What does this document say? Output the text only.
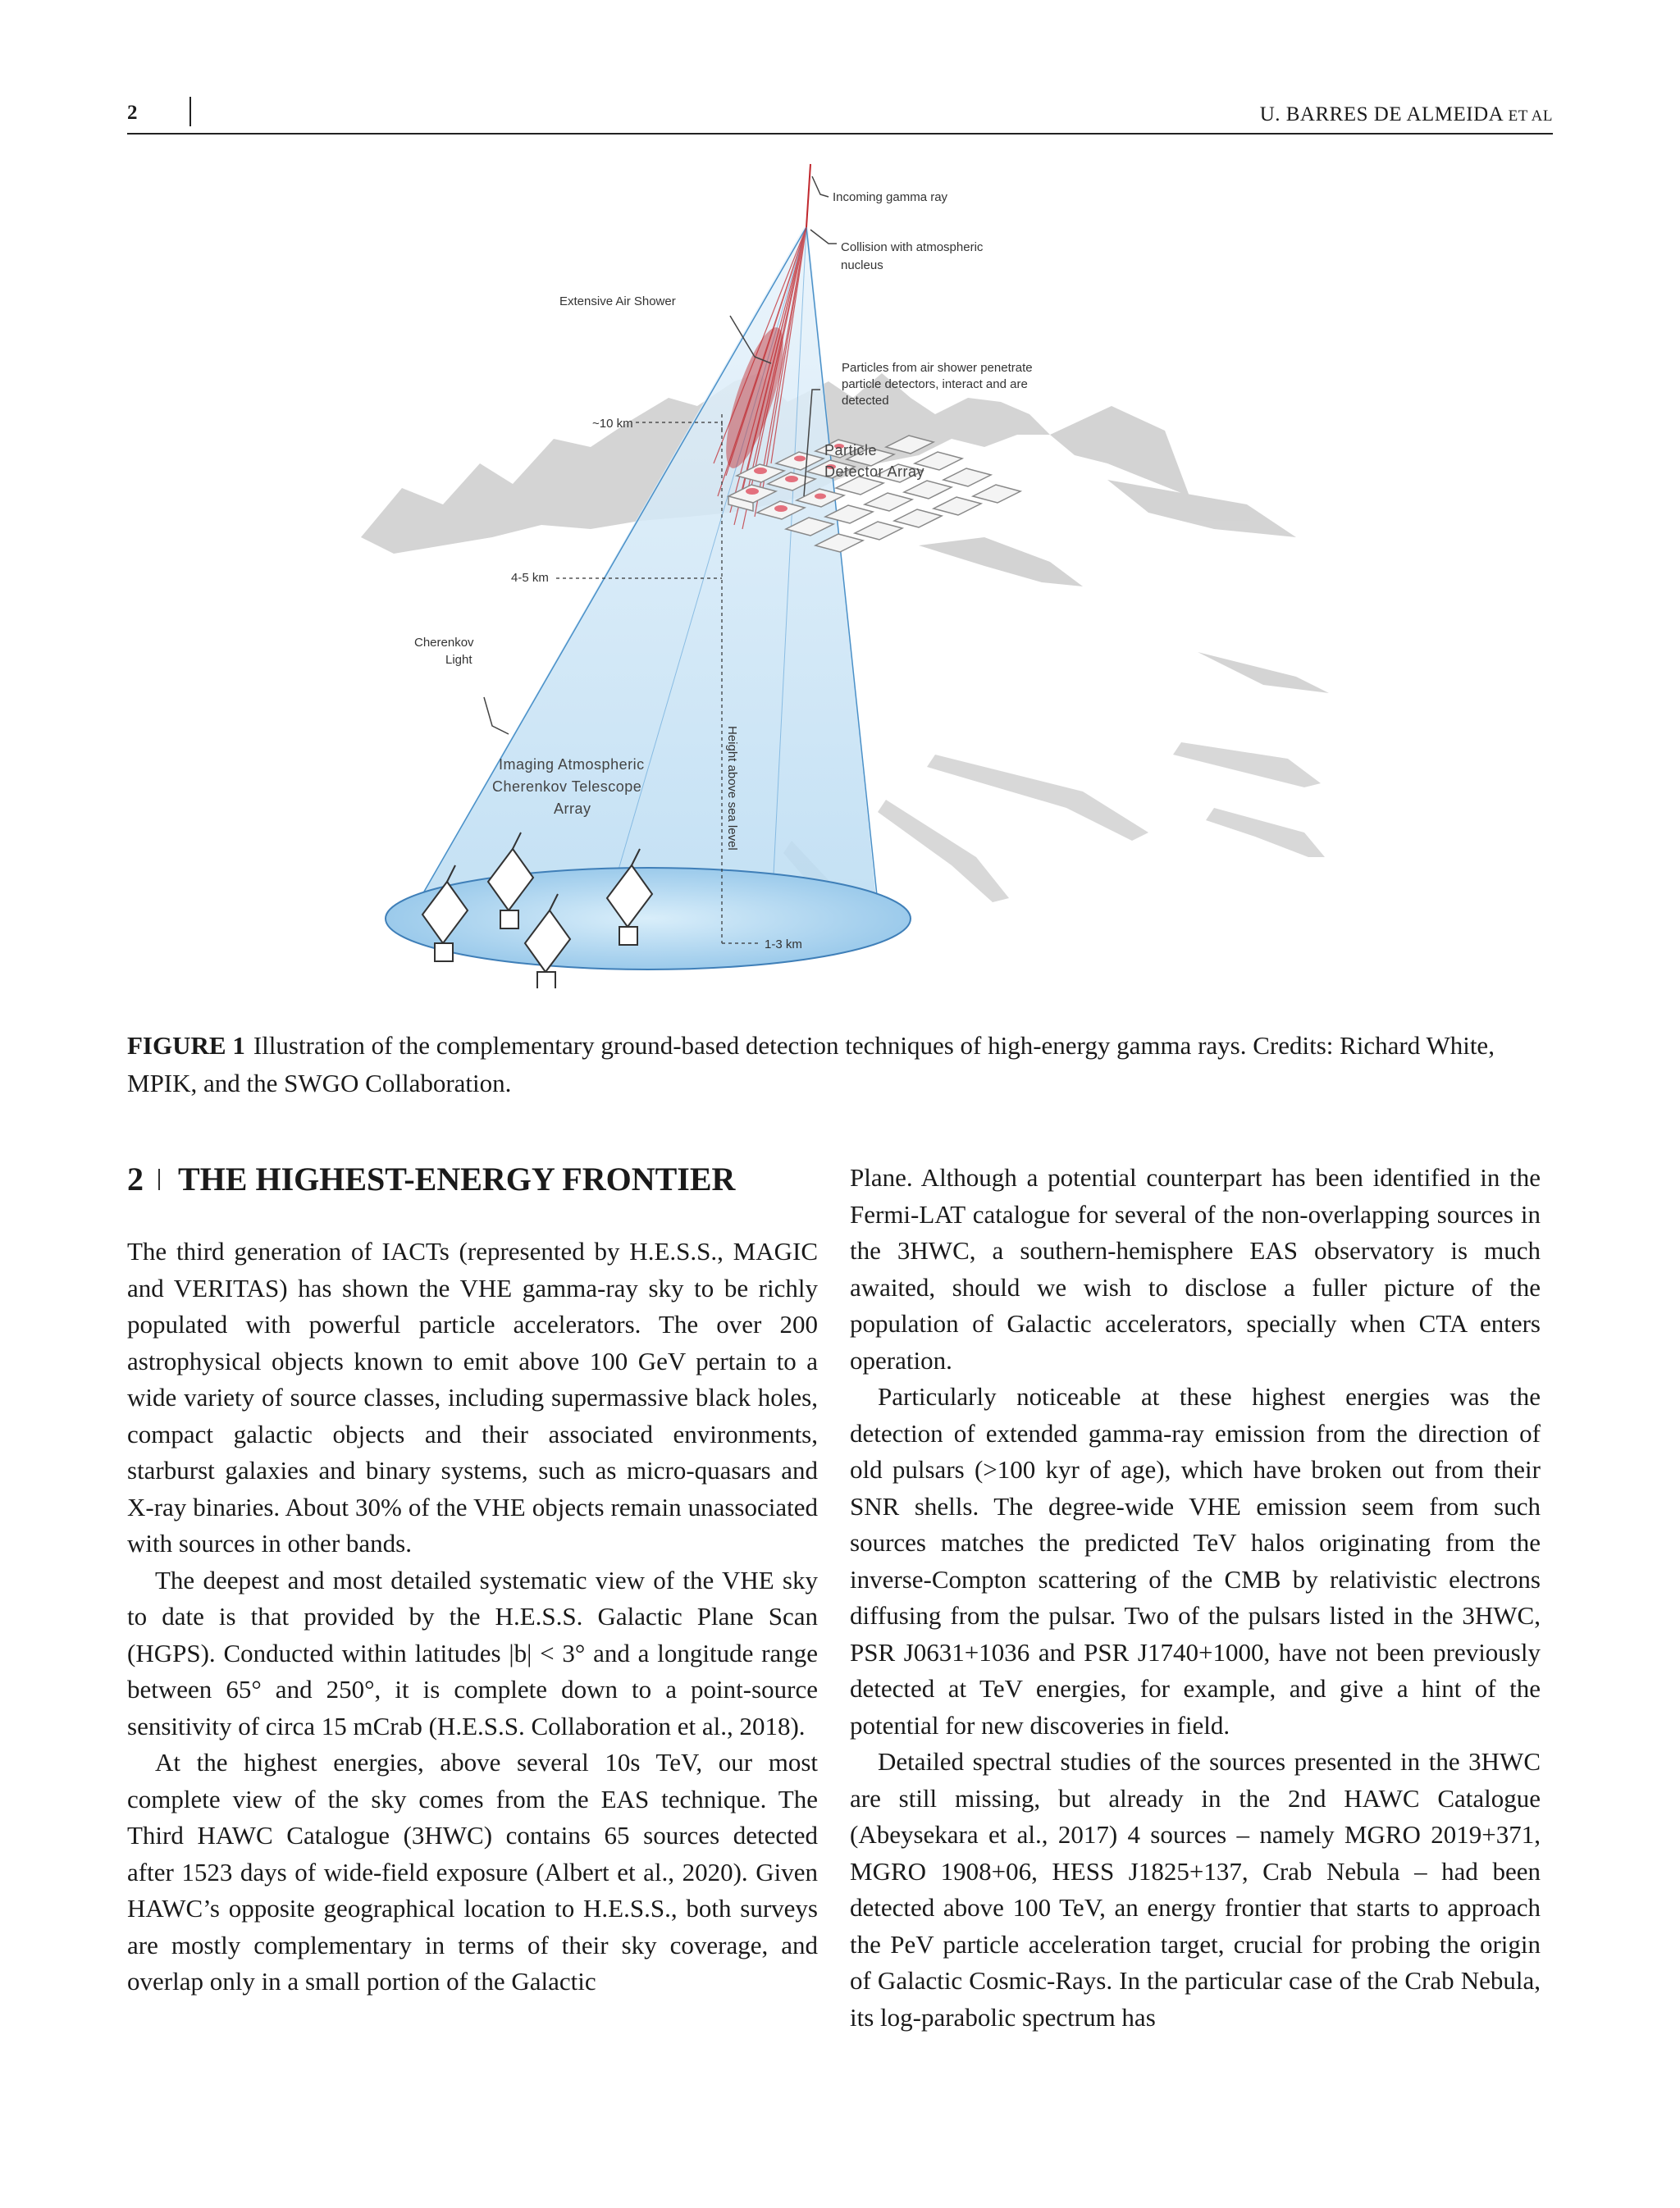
2	U. BARRES DE ALMEIDA ET AL
Incoming gamma ray
Collision with atmospheric
nucleus
Extensive Air Shower
Particles from air shower penetrate
particle detectors, interact and are
detected
Particle
Detector Array
~10 km
4-5 km
Cherenkov
Light
Imaging Atmospheric
Cherenkov Telescope
Array	Height above sea level
1-3 km
FIGURE 1 Illustration of the complementary ground-based detection techniques of high-energy gamma rays. Credits: Richard White, MPIK, and the SWGO Collaboration.
2 THE HIGHEST-ENERGY FRONTIER

The third generation of IACTs (represented by H.E.S.S., MAGIC and VERITAS) has shown the VHE gamma-ray sky to be richly populated with powerful particle accelerators. The over 200 astrophysical objects known to emit above 100 GeV pertain to a wide variety of source classes, including supermassive black holes, compact galactic objects and their associated environments, starburst galaxies and binary systems, such as micro-quasars and X-ray binaries. About 30% of the VHE objects remain unassociated with sources in other bands.

The deepest and most detailed systematic view of the VHE sky to date is that provided by the H.E.S.S. Galactic Plane Scan (HGPS). Conducted within latitudes |b| < 3° and a longitude range between 65° and 250°, it is complete down to a point-source sensitivity of circa 15 mCrab (H.E.S.S. Collaboration et al., 2018).

At the highest energies, above several 10s TeV, our most complete view of the sky comes from the EAS technique. The Third HAWC Catalogue (3HWC) contains 65 sources detected after 1523 days of wide-field exposure (Albert et al., 2020). Given HAWC’s opposite geographical location to H.E.S.S., both surveys are mostly complementary in terms of their sky coverage, and overlap only in a small portion of the Galactic

Plane. Although a potential counterpart has been identified in the Fermi-LAT catalogue for several of the non-overlapping sources in the 3HWC, a southern-hemisphere EAS observatory is much awaited, should we wish to disclose a fuller picture of the population of Galactic accelerators, specially when CTA enters operation.

Particularly noticeable at these highest energies was the detection of extended gamma-ray emission from the direction of old pulsars (>100 kyr of age), which have broken out from their SNR shells. The degree-wide VHE emission seem from such sources matches the predicted TeV halos originating from the inverse-Compton scattering of the CMB by relativistic electrons diffusing from the pulsar. Two of the pulsars listed in the 3HWC, PSR J0631+1036 and PSR J1740+1000, have not been previously detected at TeV energies, for example, and give a hint of the potential for new discoveries in field.

Detailed spectral studies of the sources presented in the 3HWC are still missing, but already in the 2nd HAWC Catalogue (Abeysekara et al., 2017) 4 sources – namely MGRO 2019+371, MGRO 1908+06, HESS J1825+137, Crab Nebula – had been detected above 100 TeV, an energy frontier that starts to approach the PeV particle acceleration target, crucial for probing the origin of Galactic Cosmic-Rays. In the particular case of the Crab Nebula, its log-parabolic spectrum has
